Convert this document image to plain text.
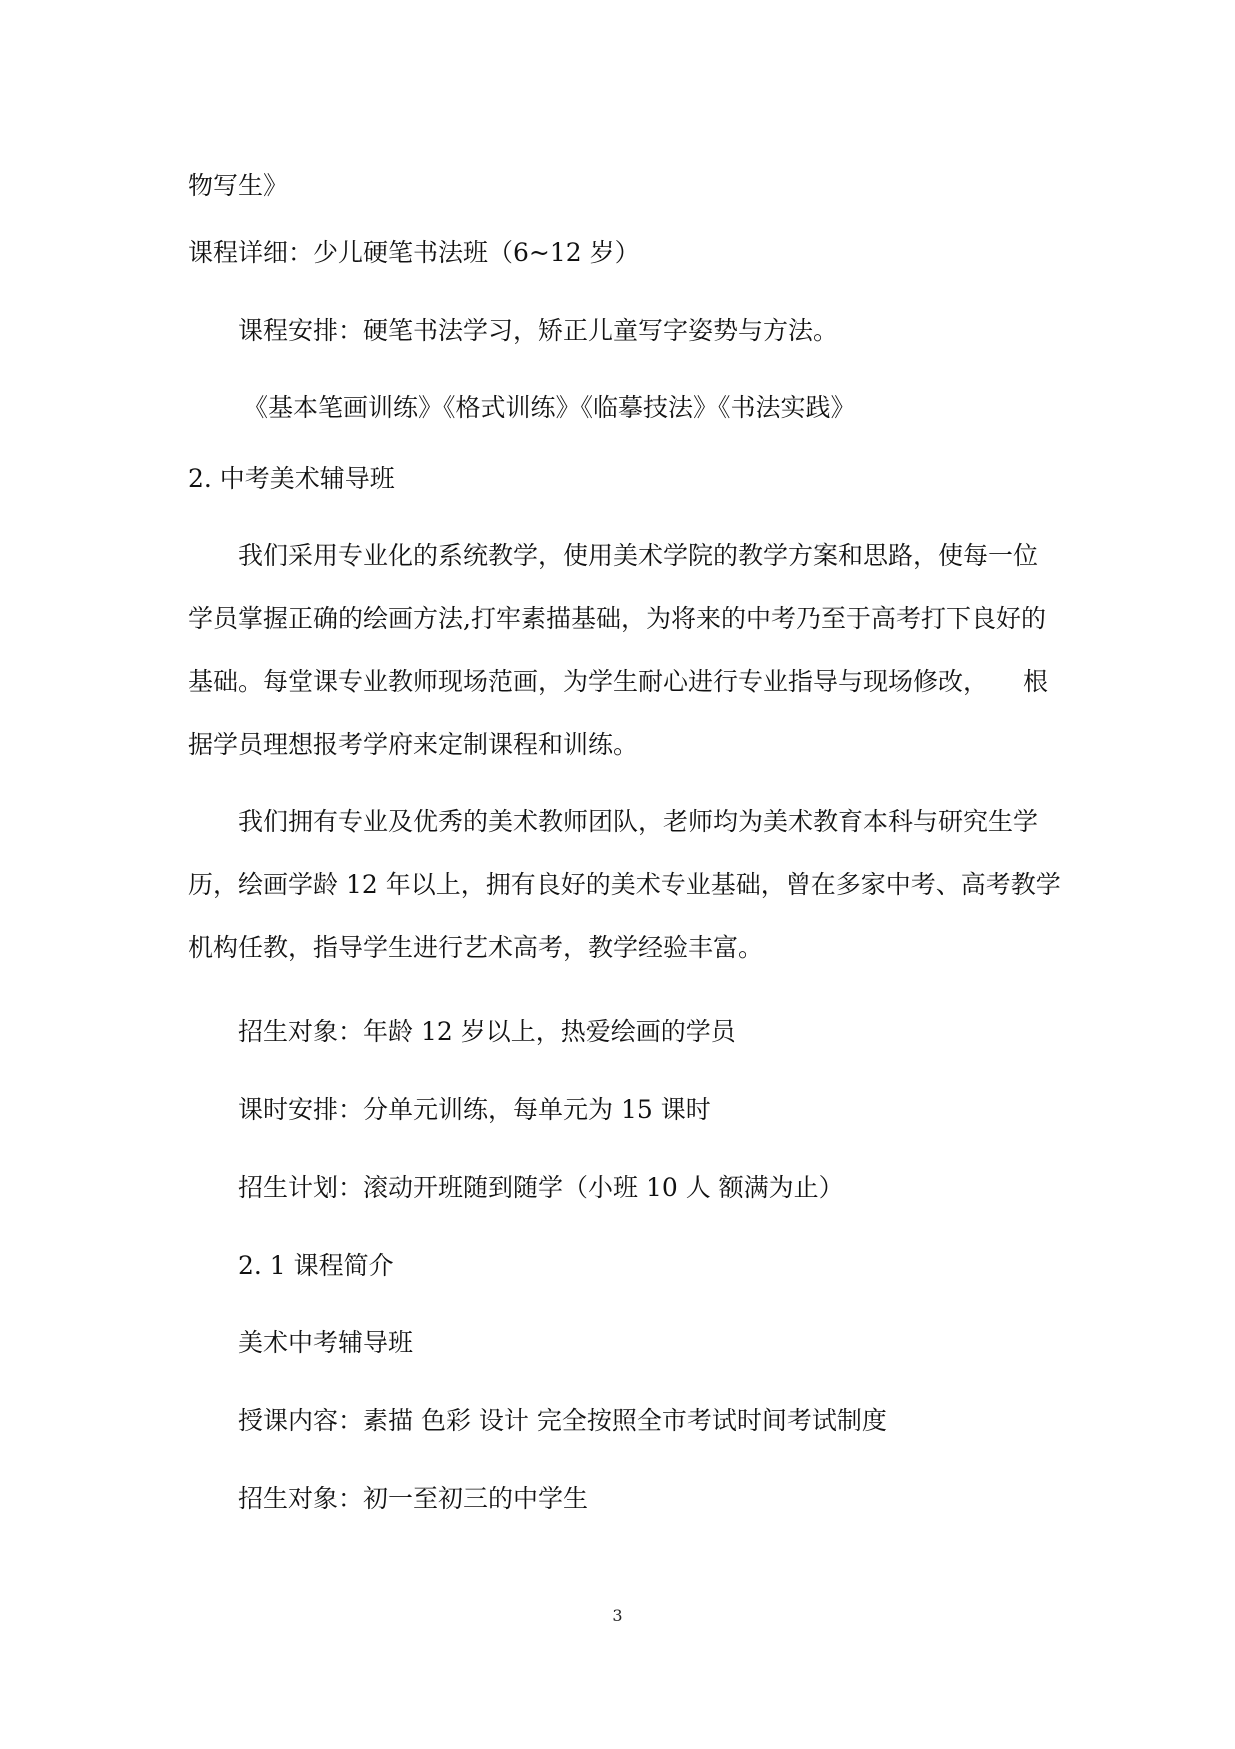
物写生》
课程详细：少儿硬笔书法班（6~12 岁）
课程安排：硬笔书法学习，矫正儿童写字姿势与方法。
《基本笔画训练》《格式训练》《临摹技法》《书法实践》
2. 中考美术辅导班
我们采用专业化的系统教学，使用美术学院的教学方案和思路，使每一位
学员掌握正确的绘画方法,打牢素描基础，为将来的中考乃至于高考打下良好的
基础。每堂课专业教师现场范画，为学生耐心进行专业指导与现场修改， 根
据学员理想报考学府来定制课程和训练。
我们拥有专业及优秀的美术教师团队，老师均为美术教育本科与研究生学
历，绘画学龄 12 年以上，拥有良好的美术专业基础，曾在多家中考、高考教学
机构任教，指导学生进行艺术高考，教学经验丰富。
招生对象：年龄 12 岁以上，热爱绘画的学员
课时安排：分单元训练，每单元为 15 课时
招生计划：滚动开班随到随学（小班 10 人 额满为止）
2. 1 课程简介
美术中考辅导班
授课内容：素描 色彩 设计 完全按照全市考试时间考试制度
招生对象：初一至初三的中学生
3
